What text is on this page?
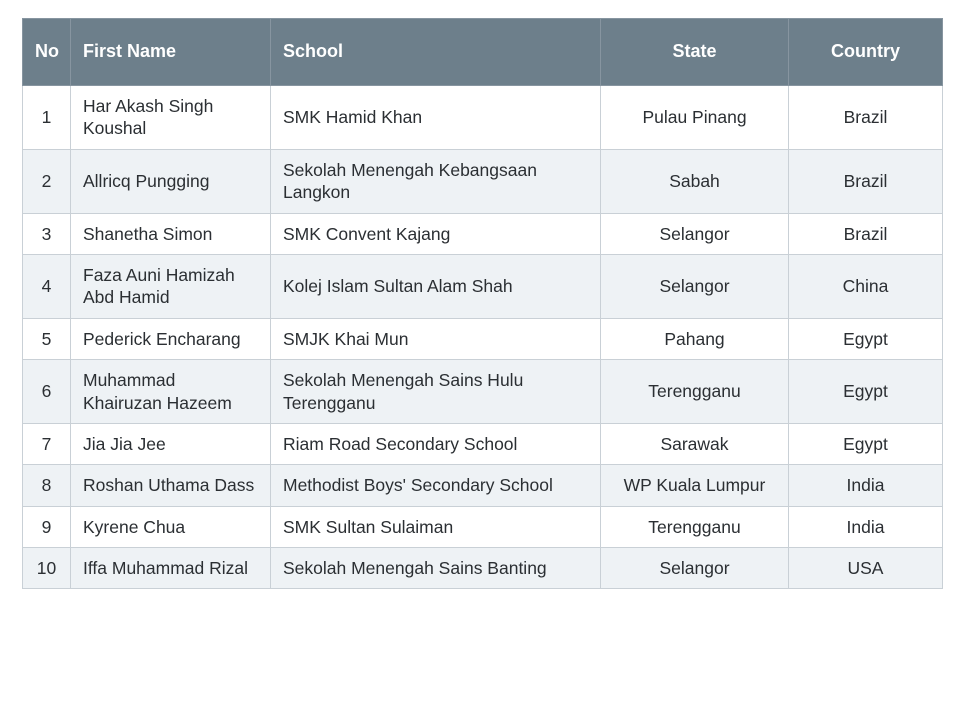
No	First Name	School	State	Country
1	Har Akash Singh Koushal	SMK Hamid Khan	Pulau Pinang	Brazil
2	Allricq Pungging	Sekolah Menengah Kebangsaan Langkon	Sabah	Brazil
3	Shanetha Simon	SMK Convent Kajang	Selangor	Brazil
4	Faza Auni Hamizah Abd Hamid	Kolej Islam Sultan Alam Shah	Selangor	China
5	Pederick Encharang	SMJK Khai Mun	Pahang	Egypt
6	Muhammad Khairuzan Hazeem	Sekolah Menengah Sains Hulu Terengganu	Terengganu	Egypt
7	Jia Jia Jee	Riam Road Secondary School	Sarawak	Egypt
8	Roshan Uthama Dass	Methodist Boys' Secondary School	WP Kuala Lumpur	India
9	Kyrene Chua	SMK Sultan Sulaiman	Terengganu	India
10	Iffa Muhammad Rizal	Sekolah Menengah Sains Banting	Selangor	USA
